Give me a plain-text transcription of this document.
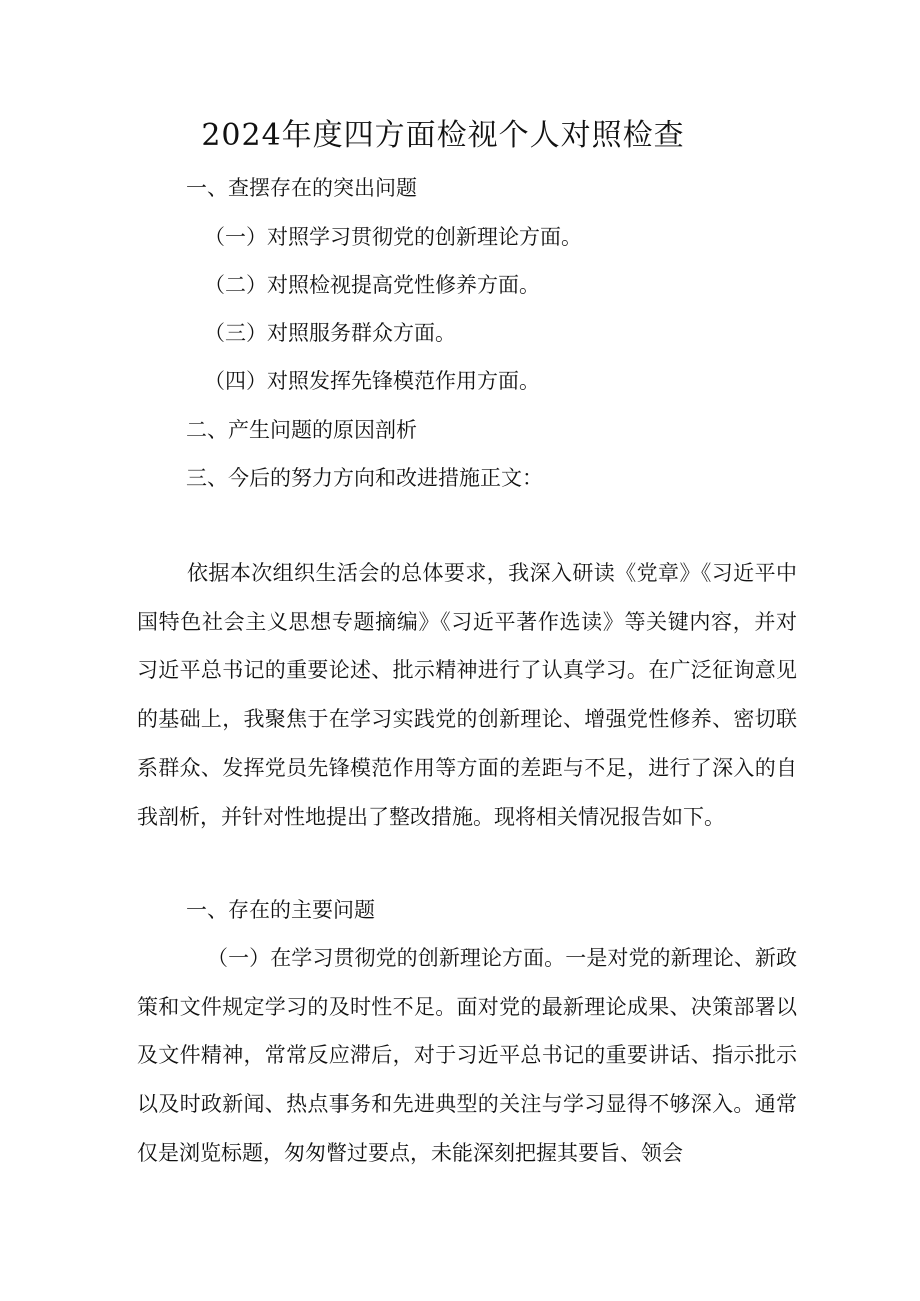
2024年度四方面检视个人对照检查
一、查摆存在的突出问题
（一）对照学习贯彻党的创新理论方面。
（二）对照检视提高党性修养方面。
（三）对照服务群众方面。
（四）对照发挥先锋模范作用方面。
二、产生问题的原因剖析
三、今后的努力方向和改进措施正文：
依据本次组织生活会的总体要求，我深入研读《党章》《习近平中国特色社会主义思想专题摘编》《习近平著作选读》等关键内容，并对习近平总书记的重要论述、批示精神进行了认真学习。在广泛征询意见的基础上，我聚焦于在学习实践党的创新理论、增强党性修养、密切联系群众、发挥党员先锋模范作用等方面的差距与不足，进行了深入的自我剖析，并针对性地提出了整改措施。现将相关情况报告如下。
一、存在的主要问题
（一）在学习贯彻党的创新理论方面。一是对党的新理论、新政策和文件规定学习的及时性不足。面对党的最新理论成果、决策部署以及文件精神，常常反应滞后，对于习近平总书记的重要讲话、指示批示以及时政新闻、热点事务和先进典型的关注与学习显得不够深入。通常仅是浏览标题，匆匆瞥过要点，未能深刻把握其要旨、领会
